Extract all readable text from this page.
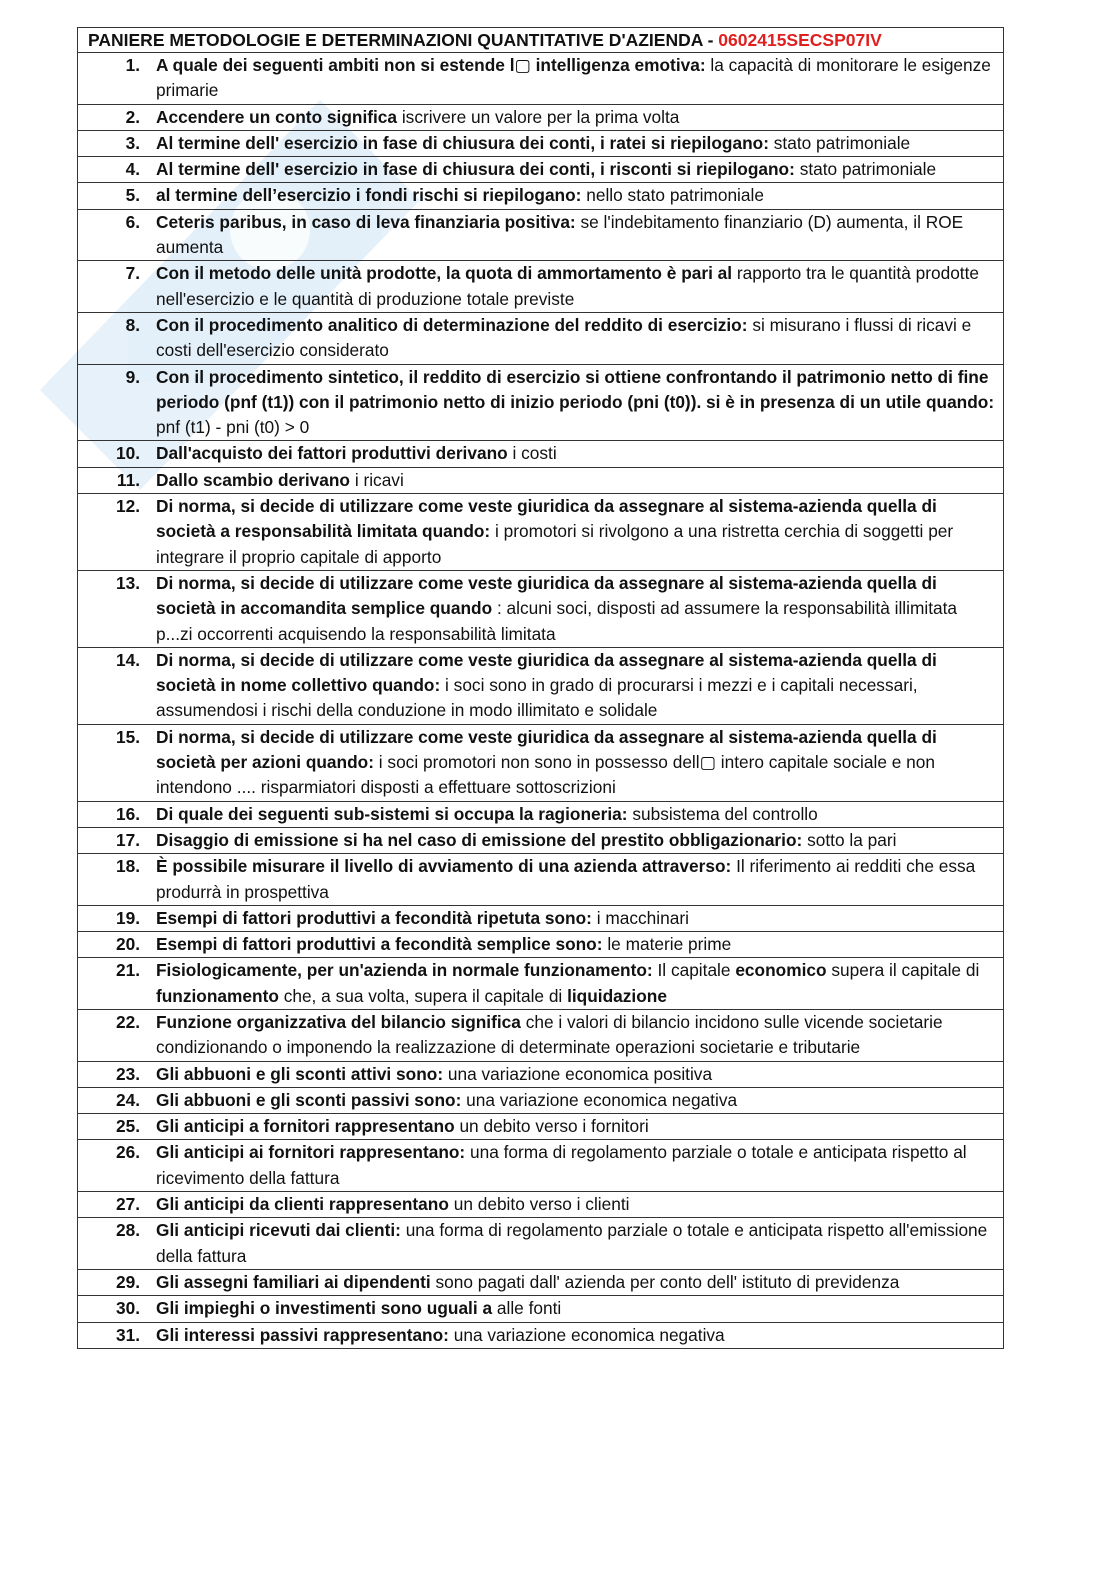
PANIERE METODOLOGIE E DETERMINAZIONI QUANTITATIVE D'AZIENDA - 0602415SECSP07IV

1. A quale dei seguenti ambiti non si estende l▢ intelligenza emotiva: la capacità di monitorare le esigenze primarie

2. Accendere un conto significa iscrivere un valore per la prima volta

3. Al termine dell' esercizio in fase di chiusura dei conti, i ratei si riepilogano: stato patrimoniale

4. Al termine dell' esercizio in fase di chiusura dei conti, i risconti si riepilogano: stato patrimoniale

5. al termine dell’esercizio i fondi rischi si riepilogano: nello stato patrimoniale

6. Ceteris paribus, in caso di leva finanziaria positiva: se l'indebitamento finanziario (D) aumenta, il ROE aumenta

7. Con il metodo delle unità prodotte, la quota di ammortamento è pari al rapporto tra le quantità prodotte nell'esercizio e le quantità di produzione totale previste

8. Con il procedimento analitico di determinazione del reddito di esercizio: si misurano i flussi di ricavi e costi dell'esercizio considerato

9. Con il procedimento sintetico, il reddito di esercizio si ottiene confrontando il patrimonio netto di fine periodo (pnf (t1)) con il patrimonio netto di inizio periodo (pni (t0)). si è in presenza di un utile quando: pnf (t1) - pni (t0) > 0

10. Dall'acquisto dei fattori produttivi derivano i costi

11. Dallo scambio derivano i ricavi

12. Di norma, si decide di utilizzare come veste giuridica da assegnare al sistema-azienda quella di società a responsabilità limitata quando: i promotori si rivolgono a una ristretta cerchia di soggetti per integrare il proprio capitale di apporto

13. Di norma, si decide di utilizzare come veste giuridica da assegnare al sistema-azienda quella di società in accomandita semplice quando : alcuni soci, disposti ad assumere la responsabilità illimitata p...zi occorrenti acquisendo la responsabilità limitata

14. Di norma, si decide di utilizzare come veste giuridica da assegnare al sistema-azienda quella di società in nome collettivo quando: i soci sono in grado di procurarsi i mezzi e i capitali necessari, assumendosi i rischi della conduzione in modo illimitato e solidale

15. Di norma, si decide di utilizzare come veste giuridica da assegnare al sistema-azienda quella di società per azioni quando: i soci promotori non sono in possesso dell▢ intero capitale sociale e non intendono .... risparmiatori disposti a effettuare sottoscrizioni

16. Di quale dei seguenti sub-sistemi si occupa la ragioneria: subsistema del controllo

17. Disaggio di emissione si ha nel caso di emissione del prestito obbligazionario: sotto la pari

18. È possibile misurare il livello di avviamento di una azienda attraverso: Il riferimento ai redditi che essa produrrà in prospettiva

19. Esempi di fattori produttivi a fecondità ripetuta sono: i macchinari

20. Esempi di fattori produttivi a fecondità semplice sono: le materie prime

21. Fisiologicamente, per un'azienda in normale funzionamento: Il capitale economico supera il capitale di funzionamento che, a sua volta, supera il capitale di liquidazione

22. Funzione organizzativa del bilancio significa che i valori di bilancio incidono sulle vicende societarie condizionando o imponendo la realizzazione di determinate operazioni societarie e tributarie

23. Gli abbuoni e gli sconti attivi sono: una variazione economica positiva

24. Gli abbuoni e gli sconti passivi sono: una variazione economica negativa

25. Gli anticipi a fornitori rappresentano un debito verso i fornitori

26. Gli anticipi ai fornitori rappresentano: una forma di regolamento parziale o totale e anticipata rispetto al ricevimento della fattura

27. Gli anticipi da clienti rappresentano un debito verso i clienti

28. Gli anticipi ricevuti dai clienti: una forma di regolamento parziale o totale e anticipata rispetto all'emissione della fattura

29. Gli assegni familiari ai dipendenti sono pagati dall' azienda per conto dell' istituto di previdenza

30. Gli impieghi o investimenti sono uguali a alle fonti

31. Gli interessi passivi rappresentano: una variazione economica negativa
